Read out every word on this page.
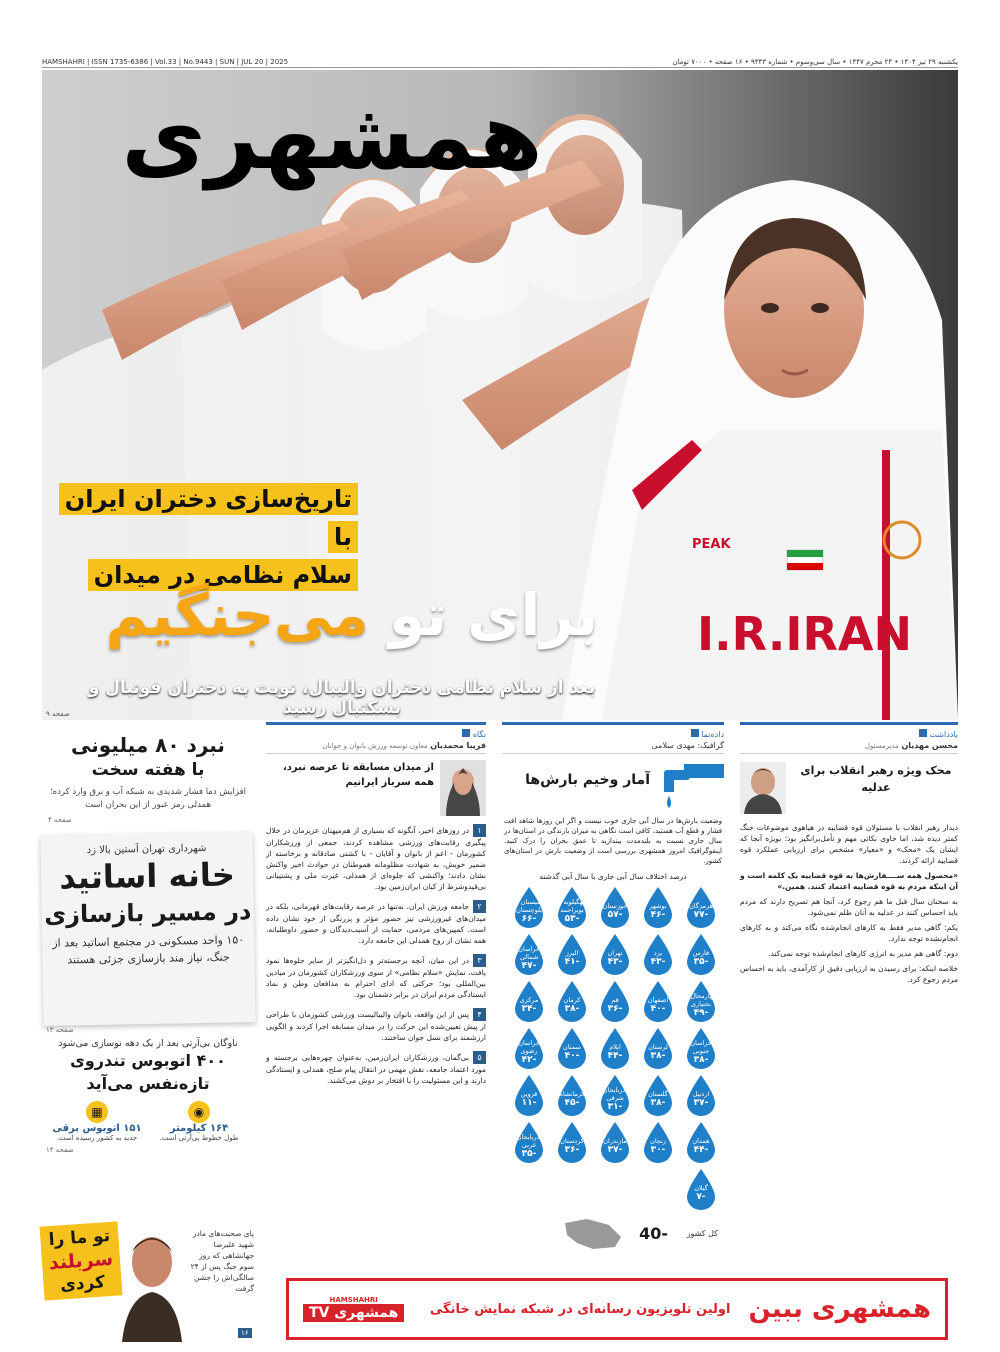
HAMSHAHRI | ISSN 1735-6386 | Vol.33 | No.9443 | SUN | JUL 20 | 2025	یکشنبه ۲۹ تیر ۱۴۰۴ • ۲۴ محرم ۱۴۴۷ • سال سی‌وسوم • شماره ۹۴۴۳ • ۱۶ صفحه • ۷۰۰۰ تومان
PEAK
I.R.IRAN
همشهری
تاریخ‌سازی دختران ایران با
سلام نظامی در میدان
برای تو می‌جنگیم
بعد از سلام نظامی دختران والیبال، نوبت به دختران فوتبال و بسکتبال رسید
صفحه ۹
نبرد ۸۰ میلیونی
با هفته سخت
افزایش دما فشار شدیدی به شبکه آب و برق وارد کرده؛ همدلی رمز عبور از این بحران است
صفحه ۴
شهرداری تهران آستین بالا زد
خانه اساتید
در مسیر بازسازی
۱۵۰ واحد مسکونی در مجتمع اساتید بعد از جنگ، نیاز مند بازسازی جزئی هستند
صفحه ۱۳
ناوگان بی‌آرتی بعد از یک دهه نوسازی می‌شود
۴۰۰ اتوبوس تندروی
تازه‌نفس می‌آید
◉
۱۶۴ کیلومتر
طول خطوط بی‌آرتی است.
▦
۱۵۱ اتوبوس برقی
جدید به کشور رسیده است.
صفحه ۱۴
تو ما را
سربلند
کردی
پای صحبت‌های مادر شهید علیرضا جهانشاهی که روز سوم جنگ پس از ۲۴ سالگی‌اش را جشن گرفت
۱۶
نگاه
فریبا محمدیان معاون توسعه ورزش بانوان و جوانان
از میدان مسابقه تا عرصه نبرد، همه سرباز ایرانیم

۱در روزهای اخیر، آنگونه که بسیاری از هم‌میهنان عزیزمان در خلال پیگیری رقابت‌های ورزشی مشاهده کردند، جمعی از ورزشکاران کشورمان - اعم از بانوان و آقایان - با کشتی صادقانه و برخاسته از ضمیر خویش، به شهادت مظلومانه هموطنان در حوادث اخیر واکنش نشان دادند؛ واکنشی که جلوه‌ای از همدلی، غیرت ملی و پشتیبانی بی‌قیدوشرط از کیان ایران‌زمین بود.

۲جامعه ورزش ایران، نه‌تنها در عرصه رقابت‌های قهرمانی، بلکه در میدان‌های غیرورزشی نیز حضور مؤثر و پررنگی از خود نشان داده است. کمپین‌های مردمی، حمایت از آسیب‌دیدگان و حضور داوطلبانه، همه نشان از روح همدلی این جامعه دارد.

۳در این میان، آنچه برجسته‌تر و دل‌انگیزتر از سایر جلوه‌ها نمود یافت، نمایش «سلام نظامی» از سوی ورزشکاران کشورمان در میادین بین‌المللی بود؛ حرکتی که ادای احترام به مدافعان وطن و نماد ایستادگی مردم ایران در برابر دشمنان بود.

۴پس از این واقعه، بانوان والیبالیست ورزشی کشورمان با طراحی از پیش تعیین‌شده این حرکت را در میدان مسابقه اجرا کردند و الگویی ارزشمند برای نسل جوان ساختند.

۵بی‌گمان، ورزشکاران ایران‌زمین، به‌عنوان چهره‌هایی برجسته و مورد اعتماد جامعه، نقش مهمی در انتقال پیام صلح، همدلی و ایستادگی دارند و این مسئولیت را با افتخار بر دوش می‌کشند.

داده‌نما
گرافیک: مهدی سلامی
آمار وخیم بارش‌ها
وضعیت بارش‌ها در سال آبی جاری خوب نیست و اگر این روزها شاهد افت فشار و قطع آب هستید، کافی است نگاهی به میزان بارندگی در استان‌ها در سال جاری نسبت به بلندمدت بیندازید تا عمق بحران را درک کنید. اینفوگرافیک امروز همشهری بررسی است از وضعیت بارش در استان‌های کشور.
درصد اختلاف سال آبی جاری با سال آبی گذشته
هرمزگان
-۷۷
بوشهر
-۴۶
خوزستان
-۵۷
کهگیلویه و بویراحمد
-۵۳
سیستان و بلوچستان
-۶۶
فارس
-۳۵
یزد
-۴۳
تهران
-۴۳
البرز
-۴۱
خراسان شمالی
-۴۷
چهارمحال و بختیاری
-۴۹
اصفهان
-۴۰
قم
-۳۶
کرمان
-۳۸
مرکزی
-۳۴
خراسان جنوبی
-۳۸
لرستان
-۳۸
ایلام
-۴۴
سمنان
-۴۰
خراسان رضوی
-۴۲
اردبیل
-۳۷
گلستان
-۳۸
آذربایجان شرقی
-۳۱
کرمانشاه
-۴۵
قزوین
-۱۱
همدان
-۴۴
زنجان
-۳۰
مازندران
-۳۷
کردستان
-۳۶
آذربایجان غربی
-۳۵
گیلان
-۷
کل کشور
-40
یادداشت
محسن مهدیان مدیرمسئول
محک ویژه رهبر انقلاب برای عدلیه

دیدار رهبر انقلاب با مسئولان قوه قضاییه در هیاهوی موضوعات جنگ کمتر دیده شد، اما حاوی نکاتی مهم و تأمل‌برانگیز بود؛ بویژه آنجا که ایشان یک «محک» و «معیار» مشخص برای ارزیابی عملکرد قوه قضاییه ارائه کردند.

«محصول همه ســــفارش‌ها به قوه قضاییه یک کلمه است و آن اینکه مردم به قوه قضاییه اعتماد کنند. همین.»

به سخنان سال قبل ما هم رجوع کرد، آنجا هم تصریح دارند که مردم باید احساس کنند در عدلیه به آنان ظلم نمی‌شود.

یکم: گاهی مدیر فقط به کارهای انجام‌شده نگاه می‌کند و به کارهای انجام‌نشده توجه ندارد.

دوم: گاهی هم مدیر به انرژی کارهای انجام‌شده توجه نمی‌کند.

خلاصه اینکه: برای رسیدن به ارزیابی دقیق از کارآمدی، باید به احساس مردم رجوع کرد.

همشهری ببین
اولین تلویزیون رسانه‌ای در شبکه نمایش خانگی
HAMSHAHRI
همشهری TV
